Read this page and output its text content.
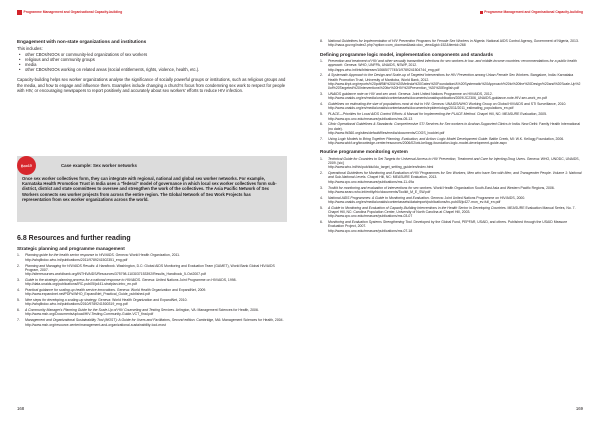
Programme Management and Organisational Capacity-building
Engagement with non-state organizations and institutions
This includes:
• other CBOs/NGOs or community-led organizations of sex workers
• religious and other community groups
• media
• other CBOs/NGOs working on related areas (social entitlements, rights, violence, health, etc.).
Capacity-building helps sex worker organizations analyse the significance of socially powerful groups or institutions, such as religious groups and the media, and how to engage and influence them. Examples include changing a church's focus from condemning sex work to respect for people with HIV, or encouraging newspapers to report positively and accurately about sex workers' efforts to reduce HIV infection.
Box10	Case example: Sex worker networks
Once sex worker collectives form, they can integrate with regional, national and global sex worker networks. For example, Karnataka Health Promotion Trust in India uses a "federal" model of governance in which local sex worker collectives form sub-district, district and state committees to oversee and strengthen the work of the collectives. The Asia Pacific Network of Sex Workers connects sex worker projects from across the entire region. The Global Network of Sex Work Projects has representation from sex worker organizations across the world.
6.8 Resources and further reading
Strategic planning and programme management
1. Planning guide for the health sector response to HIV/AIDS. Geneva: World Health Organization, 2011.
http://whqlibdoc.who.int/publications/2011/9789241502351_eng.pdf
2. Planning and Managing for HIV/AIDS Results: A Handbook. Washington, D.C: Global AIDS Monitoring and Evaluation Team (GAMET), World Bank Global HIV/AIDS Program, 2007.
http://siteresources.worldbank.org/INTHIVAIDS/Resources/375798-1103037153392/Results_Handbook_5-Oct2007.pdf
3. Guide to the strategic planning process for a national response to HIV/AIDS. Geneva: United Nations Joint Programme on HIV/AIDS, 1998.
http://data.unaids.org/publications/IRC-pub05/jc441-stratplan-intro_en.pdf
4. Practical guidance for scaling up health service innovations. Geneva: World Health Organization and ExpandNet, 2009.
http://www.expandnet.net/PDFs/WHO_ExpandNet_Practical_Guide_published.pdf
5. Nine steps for developing a scaling-up strategy. Geneva: World Health Organization and ExpandNet, 2010.
http://whqlibdoc.who.int/publications/2010/9789241500319_eng.pdf
6. A Community Manager's Planning Guide for the Scale-Up of HIV Counseling and Testing Services. Arlington, VA: Management Sciences for Health, 2006.
http://www.msh.org/Documents/upload/HIV-Testing-Community-Guide-VCT_final.pdf
7. Management and Organizational Sustainability Tool (MOST): A Guide for Users and Facilitators, Second edition. Cambridge, MA: Management Sciences for Health, 2004.
http://www.msh.org/resource-center/management-and-organizational-sustainability-tool-most
168
Programme Management and Organisational Capacity-building
8. National Guidelines for Implementation of HIV Prevention Programs for Female Sex Workers in Nigeria. National AIDS Control Agency, Government of Nigeria, 2013.
http://naca.gov.ng/index2.php?option=com_docman&task=doc_view&gid=152&Itemid=268
Defining programme logic model, implementation components and standards
1. Prevention and treatment of HIV and other sexually transmitted infections for sex workers in low- and middle-income countries: recommendations for a public health approach. Geneva: WHO, UNFPA, UNAIDS, NSWP, 2012.
http://apps.who.int/iris/bitstream/10665/77745/1/9789241504744_eng.pdf
2. A Systematic Approach to the Design and Scale-up of Targeted Interventions for HIV Prevention among Urban Female Sex Workers. Bangalore, India: Karnataka Health Promotion Trust, University of Manitoba, World Bank, 2012.
http://www.khpt.org/reports%20pdf/Bill%20&%20Melinda%20Gates%20Foundation/A%20Systematic%20Approach%20to%20the%20Design%20and%20Scale-Up%20of%20Targeted%20Interventions%20for%20HIV%20Prevention_%20%20English.pdf
3. UNAIDS guidance note on HIV and sex work. Geneva: Joint United Nations Programme on HIV/AIDS, 2012.
http://www.unaids.org/en/media/unaids/contentassets/documents/unaidspublication/2009/JC2306_UNAIDS-guidance-note-HIV-sex-work_en.pdf
4. Guidelines on estimating the size of populations most at risk to HIV. Geneva: UNAIDS/WHO Working Group on Global HIV/AIDS and STI Surveillance, 2010.
http://www.unaids.org/en/media/unaids/contentassets/documents/epidemiology/2011/2011_estimating_populations_en.pdf
5. PLACE—Priorities for Local AIDS Control Efforts: A Manual for Implementing the PLACE Method. Chapel Hill, NC: MEASURE Evaluation, 2005.
http://www.cpc.unc.edu/measure/publications/ms-05-13
6. Clinic Operational Guidelines & Standards: Comprehensive STI Services for Sex workers in Avahan-Supported Clinics in India. New Delhi: Family Health International (no date).
http://www.fhi360.org/sites/default/files/media/documents/COGS_booklet.pdf
7. Using Logic Models to Bring Together Planning, Evaluation, and Action: Logic Model Development Guide. Battle Creek, MI: W.K. Kellogg Foundation, 2006.
http://www.wkkf.org/knowledge-center/resources/2006/02/wk-kellogg-foundation-logic-model-development-guide.aspx
Routine programme monitoring system
1. Technical Guide for Countries to Set Targets for Universal Access to HIV Prevention, Treatment and Care for Injecting Drug Users. Geneva: WHO, UNODC, UNAIDS, 2009. [sic]
http://www.who.int/hiv/pub/idu/idu_target_setting_guide/en/index.html
2. Operational Guidelines for Monitoring and Evaluation of HIV Programmes for Sex Workers, Men who have Sex with Men, and Transgender People. Volume 1: National and Sub-National Levels. Chapel Hill, NC: MEASURE Evaluation, 2013.
http://www.cpc.unc.edu/measure/publications/ms-11-49a
3. Toolkit for monitoring and evaluation of interventions for sex workers. World Health Organization South-East Asia and Western Pacific Regions, 2006.
http://www.searo.who.int/entity/hiv/documents/Toolkit_M_E_SW.pdf
4. National AIDS Programmes: A Guide to Monitoring and Evaluation. Geneva: Joint United Nations Programme on HIV/AIDS, 2000.
http://www.unaids.org/en/media/unaids/contentassets/dataimport/publications/irc-pub05/jc427-mon_ev-full_en.pdf
5. A Guide to Monitoring and Evaluation of Capacity-Building Interventions in the Health Sector in Developing Countries. MEASURE Evaluation Manual Series, No. 7. Chapel Hill, NC: Carolina Population Center, University of North Carolina at Chapel Hill, 2003.
http://www.cpc.unc.edu/measure/publications/ms-03-07
6. Monitoring and Evaluation Systems Strengthening Tool. Developed by the Global Fund, PEPFAR, USAID, and others. Published through the USAID Measure Evaluation Project, 2007.
http://www.cpc.unc.edu/measure/publications/ms-07-18
169
